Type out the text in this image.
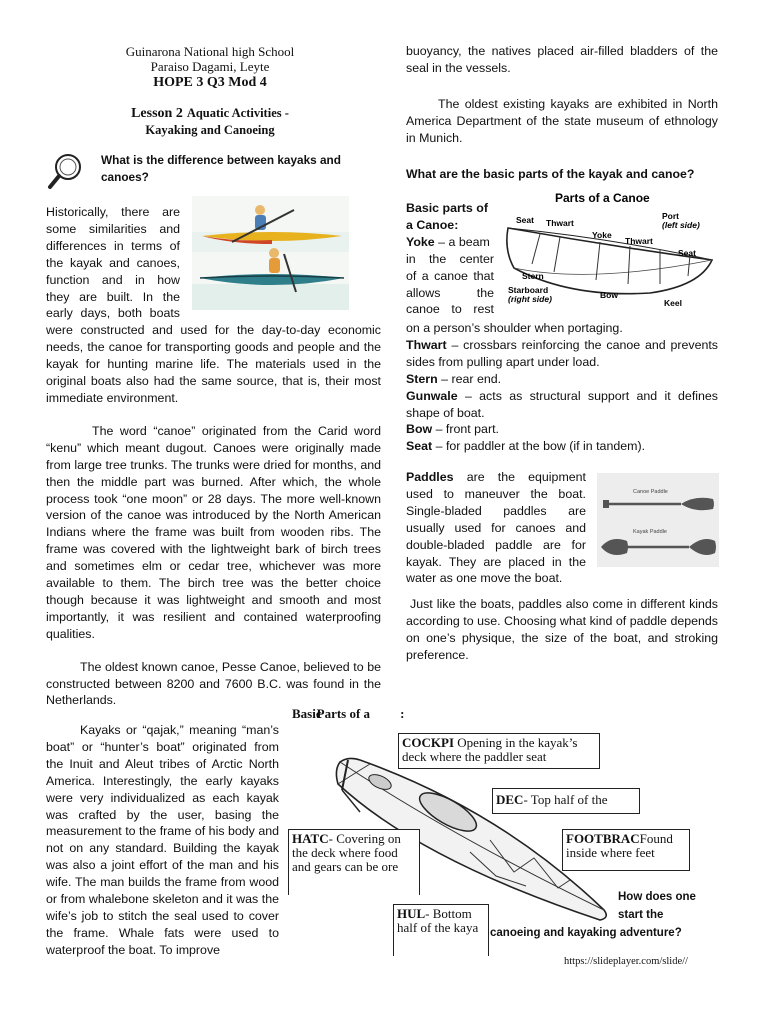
Guinarona National high School
Paraiso Dagami, Leyte
HOPE 3 Q3 Mod 4
Lesson 2 Aquatic Activities -
Kayaking and Canoeing
What is the difference between kayaks and canoes?
Historically, there are
some similarities and
differences in terms of
the kayak and canoes,
function and in how
they are built. In the
early days, both boats

were constructed and used for the day-to-day economic needs, the canoe for transporting goods and people and the kayak for hunting marine life. The materials used in the original boats also had the same source, that is, their most immediate environment.

The word “canoe” originated from the Carid word “kenu” which meant dugout. Canoes were originally made from large tree trunks. The trunks were dried for months, and then the middle part was burned. After which, the whole process took “one moon” or 28 days. The more well-known version of the canoe was introduced by the North American Indians where the frame was built from wooden ribs. The frame was covered with the lightweight bark of birch trees and sometimes elm or cedar tree, whichever was more available to them. The birch tree was the better choice though because it was lightweight and smooth and most importantly, it was resilient and contained waterproofing qualities.

The oldest known canoe, Pesse Canoe, believed to be constructed between 8200 and 7600 B.C. was found in the Netherlands.

Kayaks or “qajak,” meaning “man’s boat” or “hunter’s boat” originated from the Inuit and Aleut tribes of Arctic North America. Interestingly, the early kayaks were very individualized as each kayak was crafted by the user, basing the measurement to the frame of his body and not on any standard. Building the kayak was also a joint effort of the man and his wife. The man builds the frame from wood or from whalebone skeleton and it was the wife’s job to stitch the seal used to cover the frame. Whale fats were used to waterproof the boat. To improve

buoyancy, the natives placed air-filled bladders of the seal in the vessels.

The oldest existing kayaks are exhibited in North America Department of the state museum of ethnology in Munich.

What are the basic parts of the kayak and canoe?
Parts of a Canoe
Seat Thwart
Yoke
Port
(left side)
Thwart
Seat
Stern
Starboard
(right side)	Bow
Keel
Basic parts of
a Canoe:
Yoke – a beam
in the center
of a canoe that
allows the
canoe to rest

on a person’s shoulder when portaging.

Thwart – crossbars reinforcing the canoe and prevents sides from pulling apart under load.

Stern – rear end.

Gunwale – acts as structural support and it defines shape of boat.

Bow – front part.

Seat – for paddler at the bow (if in tandem).

Paddles are the equipment
used to maneuver the boat.
Single-bladed paddles are
usually used for canoes and
double-bladed paddle are for
kayak. They are placed in the
water as one move the boat.
Canoe Paddle
Kayak Paddle

Just like the boats, paddles also come in different kinds according to use. Choosing what kind of paddle depends on one’s physique, the size of the boat, and stroking preference.

BasicParts of a :
COCKPI Opening in the kayak’s deck where the paddler seat
DEC- Top half of the
HATC- Covering on the deck where food and gears can be ore
FOOTBRACFound inside where feet
HUL- Bottom half of the kaya
How does one
start the
canoeing and kayaking adventure?
https://slideplayer.com/slide//
